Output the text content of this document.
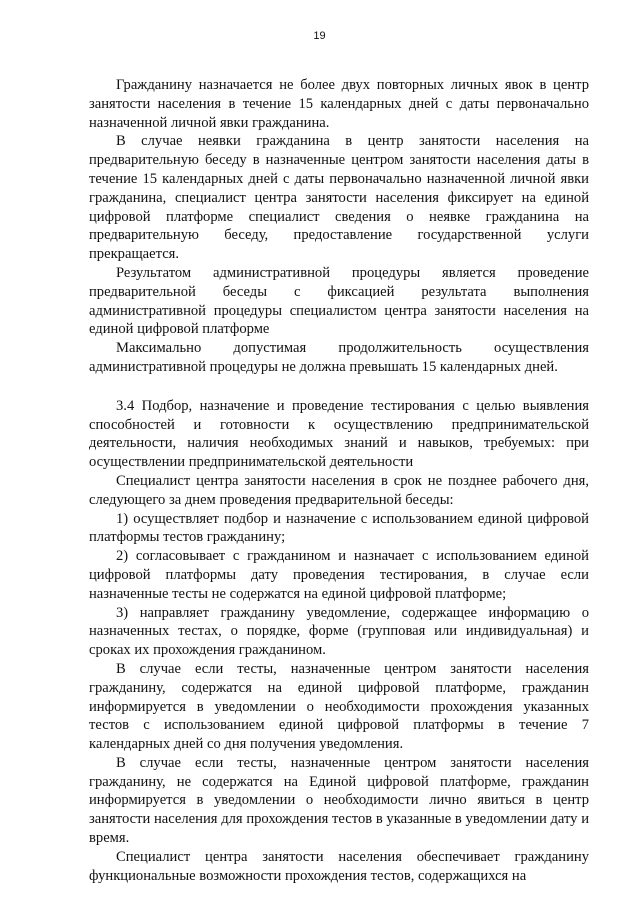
19

Гражданину назначается не более двух повторных личных явок в центр занятости населения в течение 15 календарных дней с даты первоначально назначенной личной явки гражданина.

В случае неявки гражданина в центр занятости населения на предварительную беседу в назначенные центром занятости населения даты в течение 15 календарных дней с даты первоначально назначенной личной явки гражданина, специалист центра занятости населения фиксирует на единой цифровой платформе специалист сведения о неявке гражданина на предварительную беседу, предоставление государственной услуги прекращается.

Результатом административной процедуры является проведение предварительной беседы с фиксацией результата выполнения административной процедуры специалистом центра занятости населения на единой цифровой платформе

Максимально допустимая продолжительность осуществления административной процедуры не должна превышать 15 календарных дней.

3.4 Подбор, назначение и проведение тестирования с целью выявления способностей и готовности к осуществлению предпринимательской деятельности, наличия необходимых знаний и навыков, требуемых: при осуществлении предпринимательской деятельности

Специалист центра занятости населения в срок не позднее рабочего дня, следующего за днем проведения предварительной беседы:

1) осуществляет подбор и назначение с использованием единой цифровой платформы тестов гражданину;

2) согласовывает с гражданином и назначает с использованием единой цифровой платформы дату проведения тестирования, в случае если назначенные тесты не содержатся на единой цифровой платформе;

3) направляет гражданину уведомление, содержащее информацию о назначенных тестах, о порядке, форме (групповая или индивидуальная) и сроках их прохождения гражданином.

В случае если тесты, назначенные центром занятости населения гражданину, содержатся на единой цифровой платформе, гражданин информируется в уведомлении о необходимости прохождения указанных тестов с использованием единой цифровой платформы в течение 7 календарных дней со дня получения уведомления.

В случае если тесты, назначенные центром занятости населения гражданину, не содержатся на Единой цифровой платформе, гражданин информируется в уведомлении о необходимости лично явиться в центр занятости населения для прохождения тестов в указанные в уведомлении дату и время.

Специалист центра занятости населения обеспечивает гражданину функциональные возможности прохождения тестов, содержащихся на
